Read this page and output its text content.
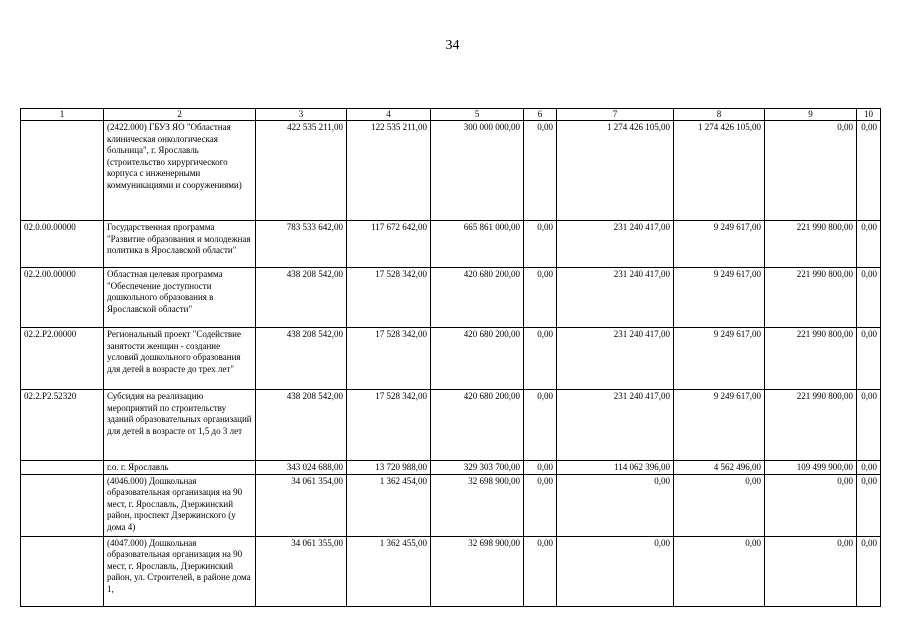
34
1	2	3	4	5	6	7	8	9	10
	(2422.000) ГБУЗ ЯО "Областная клиническая онкологическая больница", г. Ярославль (строительство хирургического корпуса с инженерными коммуникациями и сооружениями)	422 535 211,00	122 535 211,00	300 000 000,00	0,00	1 274 426 105,00	1 274 426 105,00	0,00	0,00
02.0.00.00000	Государственная программа "Развитие образования и молодежная политика в Ярославской области"	783 533 642,00	117 672 642,00	665 861 000,00	0,00	231 240 417,00	9 249 617,00	221 990 800,00	0,00
02.2.00.00000	Областная целевая программа "Обеспечение доступности дошкольного образования в Ярославской области"	438 208 542,00	17 528 342,00	420 680 200,00	0,00	231 240 417,00	9 249 617,00	221 990 800,00	0,00
02.2.P2.00000	Региональный проект "Содействие занятости женщин - создание условий дошкольного образования для детей в возрасте до трех лет"	438 208 542,00	17 528 342,00	420 680 200,00	0,00	231 240 417,00	9 249 617,00	221 990 800,00	0,00
02.2.P2.52320	Субсидия на реализацию мероприятий по строительству зданий образовательных организаций для детей в возрасте от 1,5 до 3 лет	438 208 542,00	17 528 342,00	420 680 200,00	0,00	231 240 417,00	9 249 617,00	221 990 800,00	0,00
	г.о. г. Ярославль	343 024 688,00	13 720 988,00	329 303 700,00	0,00	114 062 396,00	4 562 496,00	109 499 900,00	0,00
	(4046.000) Дошкольная образовательная организация на 90 мест, г. Ярославль, Дзержинский район, проспект Дзержинского (у дома 4)	34 061 354,00	1 362 454,00	32 698 900,00	0,00	0,00	0,00	0,00	0,00
	(4047.000) Дошкольная образовательная организация на 90 мест, г. Ярославль, Дзержинский район, ул. Строителей, в районе дома 1,	34 061 355,00	1 362 455,00	32 698 900,00	0,00	0,00	0,00	0,00	0,00
